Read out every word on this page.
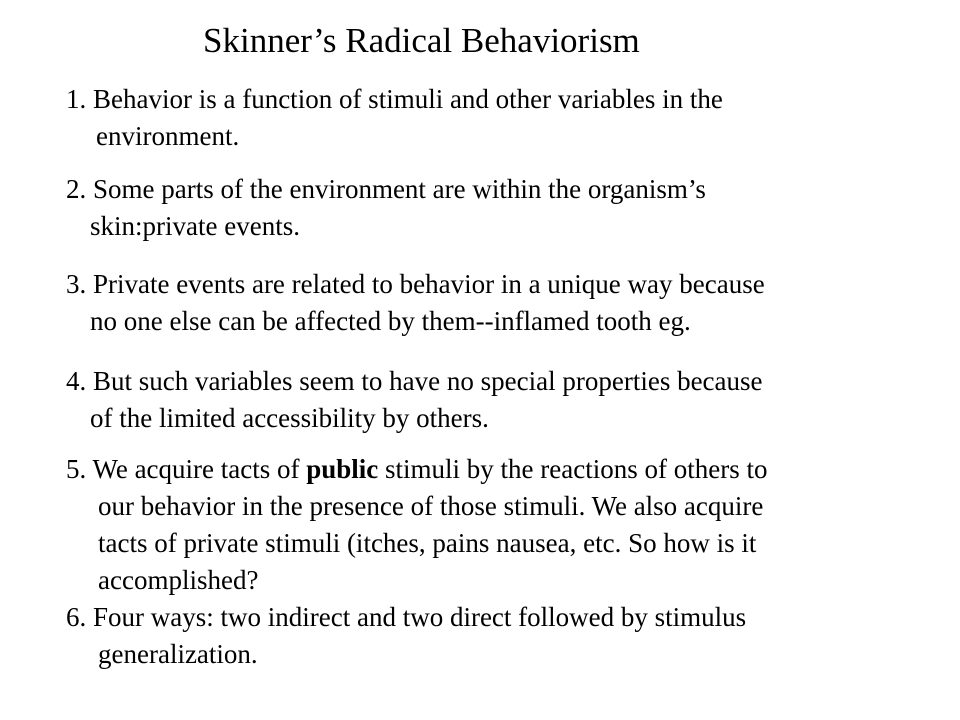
Skinner’s Radical Behaviorism
1. Behavior is a function of stimuli and other variables in the
environment.
2. Some parts of the environment are within the organism’s
skin:private events.
3. Private events are related to behavior in a unique way because
no one else can be affected by them--inflamed tooth eg.
4. But such variables seem to have no special properties because
of the limited accessibility by others.
5. We acquire tacts of public stimuli by the reactions of others to
our behavior in the presence of those stimuli. We also acquire
tacts of private stimuli (itches, pains nausea, etc. So how is it
accomplished?
6. Four ways: two indirect and two direct followed by stimulus
generalization.
